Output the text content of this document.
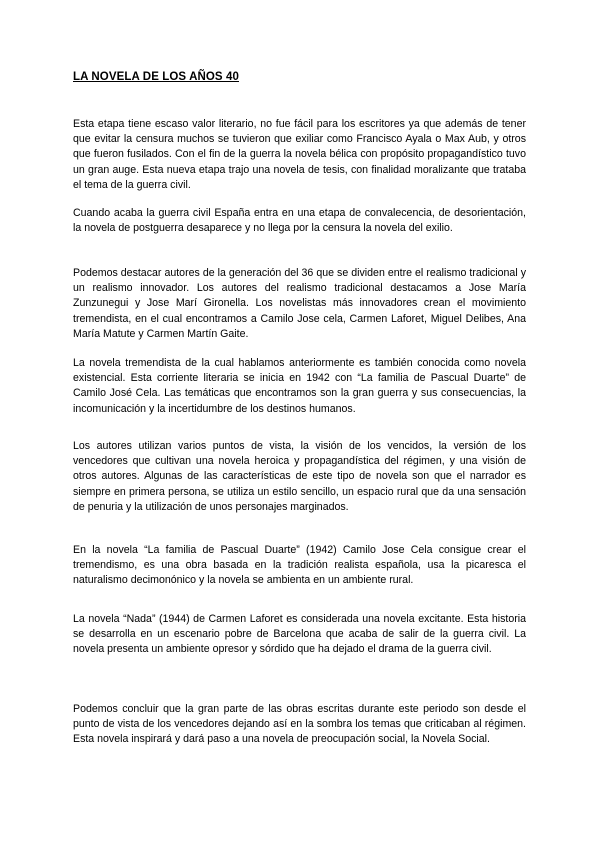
LA NOVELA DE LOS AÑOS 40

Esta etapa tiene escaso valor literario, no fue fácil para los escritores ya que además de tener que evitar la censura muchos se tuvieron que exiliar como Francisco Ayala o Max Aub, y otros que fueron fusilados. Con el fin de la guerra la novela bélica con propósito propagandístico tuvo un gran auge. Esta nueva etapa trajo una novela de tesis, con finalidad moralizante que trataba el tema de la guerra civil.

Cuando acaba la guerra civil España entra en una etapa de convalecencia, de desorientación, la novela de postguerra desaparece y no llega por la censura la novela del exilio.

Podemos destacar autores de la generación del 36 que se dividen entre el realismo tradicional y un realismo innovador. Los autores del realismo tradicional destacamos a Jose María Zunzunegui y Jose Marí Gironella. Los novelistas más innovadores crean el movimiento tremendista, en el cual encontramos a Camilo Jose cela, Carmen Laforet, Miguel Delibes, Ana María Matute y Carmen Martín Gaite.

La novela tremendista de la cual hablamos anteriormente es también conocida como novela existencial. Esta corriente literaria se inicia en 1942 con “La familia de Pascual Duarte” de Camilo José Cela. Las temáticas que encontramos son la gran guerra y sus consecuencias, la incomunicación y la incertidumbre de los destinos humanos.

Los autores utilizan varios puntos de vista, la visión de los vencidos, la versión de los vencedores que cultivan una novela heroica y propagandística del régimen, y una visión de otros autores. Algunas de las características de este tipo de novela son que el narrador es siempre en primera persona, se utiliza un estilo sencillo, un espacio rural que da una sensación de penuria y la utilización de unos personajes marginados.

En la novela “La familia de Pascual Duarte” (1942) Camilo Jose Cela consigue crear el tremendismo, es una obra basada en la tradición realista española, usa la picaresca el naturalismo decimonónico y la novela se ambienta en un ambiente rural.

La novela “Nada” (1944) de Carmen Laforet es considerada una novela excitante. Esta historia se desarrolla en un escenario pobre de Barcelona que acaba de salir de la guerra civil. La novela presenta un ambiente opresor y sórdido que ha dejado el drama de la guerra civil.

Podemos concluir que la gran parte de las obras escritas durante este periodo son desde el punto de vista de los vencedores dejando así en la sombra los temas que criticaban al régimen. Esta novela inspirará y dará paso a una novela de preocupación social, la Novela Social.
